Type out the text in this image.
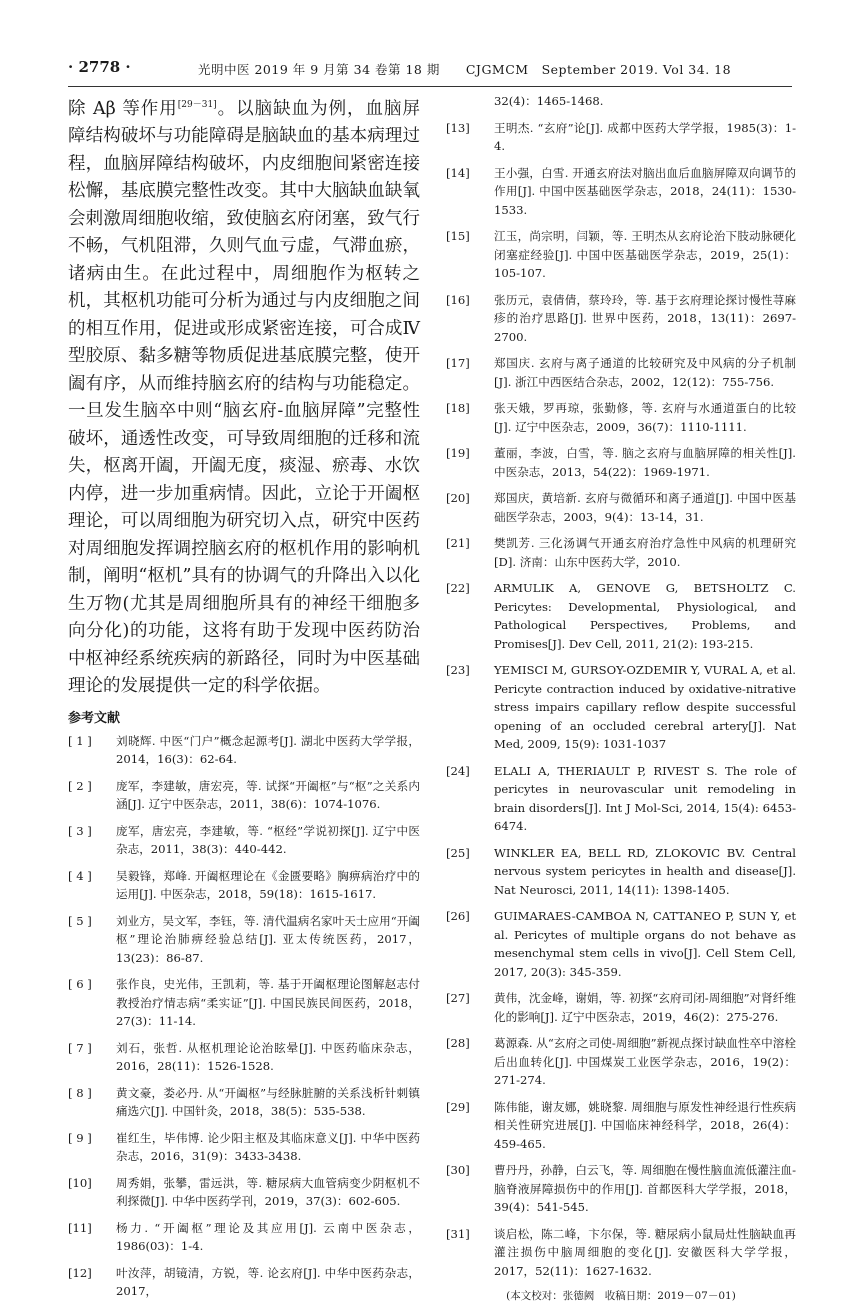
· 2778 ·	光明中医 2019 年 9 月第 34 卷第 18 期　　CJGMCM　September 2019. Vol 34. 18

除 Aβ 等作用[29－31]。以脑缺血为例，血脑屏障结构破坏与功能障碍是脑缺血的基本病理过程，血脑屏障结构破坏，内皮细胞间紧密连接松懈，基底膜完整性改变。其中大脑缺血缺氧会刺激周细胞收缩，致使脑玄府闭塞，致气行不畅，气机阻滞，久则气血亏虚，气滞血瘀，诸病由生。在此过程中，周细胞作为枢转之机，其枢机功能可分析为通过与内皮细胞之间的相互作用，促进或形成紧密连接，可合成Ⅳ型胶原、黏多糖等物质促进基底膜完整，使开阖有序，从而维持脑玄府的结构与功能稳定。一旦发生脑卒中则“脑玄府-血脑屏障”完整性破坏，通透性改变，可导致周细胞的迁移和流失，枢离开阖，开阖无度，痰湿、瘀毒、水饮内停，进一步加重病情。因此，立论于开阖枢理论，可以周细胞为研究切入点，研究中医药对周细胞发挥调控脑玄府的枢机作用的影响机制，阐明“枢机”具有的协调气的升降出入以化生万物(尤其是周细胞所具有的神经干细胞多向分化)的功能，这将有助于发现中医药防治中枢神经系统疾病的新路径，同时为中医基础理论的发展提供一定的科学依据。

参考文献
[ 1 ]	刘晓辉. 中医“门户”概念起源考[J]. 湖北中医药大学学报，2014，16(3)：62-64.
[ 2 ]	庞军，李建敏，唐宏亮，等. 试探“开阖枢”与“枢”之关系内涵[J]. 辽宁中医杂志，2011，38(6)：1074-1076.
[ 3 ]	庞军，唐宏亮，李建敏，等. “枢经”学说初探[J]. 辽宁中医杂志，2011，38(3)：440-442.
[ 4 ]	吴毅锋，郑峰. 开阖枢理论在《金匮要略》胸痹病治疗中的运用[J]. 中医杂志，2018，59(18)：1615-1617.
[ 5 ]	刘业方，吴文军，李钰，等. 清代温病名家叶天士应用“开阖枢”理论治肺痹经验总结[J]. 亚太传统医药，2017，13(23)：86-87.
[ 6 ]	张作良，史光伟，王凯莉，等. 基于开阖枢理论图解赵志付教授治疗情志病“柔实证”[J]. 中国民族民间医药，2018，27(3)：11-14.
[ 7 ]	刘石，张哲. 从枢机理论论治眩晕[J]. 中医药临床杂志，2016，28(11)：1526-1528.
[ 8 ]	黄文豪，娄必丹. 从“开阖枢”与经脉脏腑的关系浅析针刺镇痛选穴[J]. 中国针灸，2018，38(5)：535-538.
[ 9 ]	崔红生，毕伟博. 论少阳主枢及其临床意义[J]. 中华中医药杂志，2016，31(9)：3433-3438.
[10]	周秀娟，张攀，雷远洪，等. 糖尿病大血管病变少阴枢机不利探微[J]. 中华中医药学刊，2019，37(3)：602-605.
[11]	杨力. “开阖枢”理论及其应用[J]. 云南中医杂志，1986(03)：1-4.
[12]	叶汝萍，胡镜清，方锐，等. 论玄府[J]. 中华中医药杂志，2017，
32(4)：1465-1468.
[13]	王明杰. “玄府”论[J]. 成都中医药大学学报，1985(3)：1-4.
[14]	王小强，白雪. 开通玄府法对脑出血后血脑屏障双向调节的作用[J]. 中国中医基础医学杂志，2018，24(11)：1530-1533.
[15]	江玉，尚宗明，闫颖，等. 王明杰从玄府论治下肢动脉硬化闭塞症经验[J]. 中国中医基础医学杂志，2019，25(1)：105-107.
[16]	张历元，袁倩倩，蔡玲玲，等. 基于玄府理论探讨慢性荨麻疹的治疗思路[J]. 世界中医药，2018，13(11)：2697-2700.
[17]	郑国庆. 玄府与离子通道的比较研究及中风病的分子机制[J]. 浙江中西医结合杂志，2002，12(12)：755-756.
[18]	张天娥，罗再琼，张勤修，等. 玄府与水通道蛋白的比较[J]. 辽宁中医杂志，2009，36(7)：1110-1111.
[19]	董丽，李波，白雪，等. 脑之玄府与血脑屏障的相关性[J]. 中医杂志，2013，54(22)：1969-1971.
[20]	郑国庆，黄培新. 玄府与微循环和离子通道[J]. 中国中医基础医学杂志，2003，9(4)：13-14，31.
[21]	樊凯芳. 三化汤调气开通玄府治疗急性中风病的机理研究[D]. 济南：山东中医药大学，2010.
[22]	ARMULIK A, GENOVE G, BETSHOLTZ C. Pericytes: Developmental, Physiological, and Pathological Perspectives, Problems, and Promises[J]. Dev Cell, 2011, 21(2): 193-215.
[23]	YEMISCI M, GURSOY-OZDEMIR Y, VURAL A, et al. Pericyte contraction induced by oxidative-nitrative stress impairs capillary reflow despite successful opening of an occluded cerebral artery[J]. Nat Med, 2009, 15(9): 1031-1037
[24]	ELALI A, THERIAULT P, RIVEST S. The role of pericytes in neurovascular unit remodeling in brain disorders[J]. Int J Mol-Sci, 2014, 15(4): 6453-6474.
[25]	WINKLER EA, BELL RD, ZLOKOVIC BV. Central nervous system pericytes in health and disease[J]. Nat Neurosci, 2011, 14(11): 1398-1405.
[26]	GUIMARAES-CAMBOA N, CATTANEO P, SUN Y, et al. Pericytes of multiple organs do not behave as mesenchymal stem cells in vivo[J]. Cell Stem Cell, 2017, 20(3): 345-359.
[27]	黄伟，沈金峰，谢娟，等. 初探“玄府司闭-周细胞”对肾纤维化的影响[J]. 辽宁中医杂志，2019，46(2)：275-276.
[28]	葛源森. 从“玄府之司使-周细胞”新视点探讨缺血性卒中溶栓后出血转化[J]. 中国煤炭工业医学杂志，2016，19(2)：271-274.
[29]	陈伟能，谢友娜，姚晓黎. 周细胞与原发性神经退行性疾病相关性研究进展[J]. 中国临床神经科学，2018，26(4)：459-465.
[30]	曹丹丹，孙静，白云飞，等. 周细胞在慢性脑血流低灌注血-脑脊液屏障损伤中的作用[J]. 首都医科大学学报，2018，39(4)：541-545.
[31]	谈启松，陈二峰，卞尔保，等. 糖尿病小鼠局灶性脑缺血再灌注损伤中脑周细胞的变化[J]. 安徽医科大学学报，2017，52(11)：1627-1632.
(本文校对：张德阙　收稿日期：2019－07－01)
